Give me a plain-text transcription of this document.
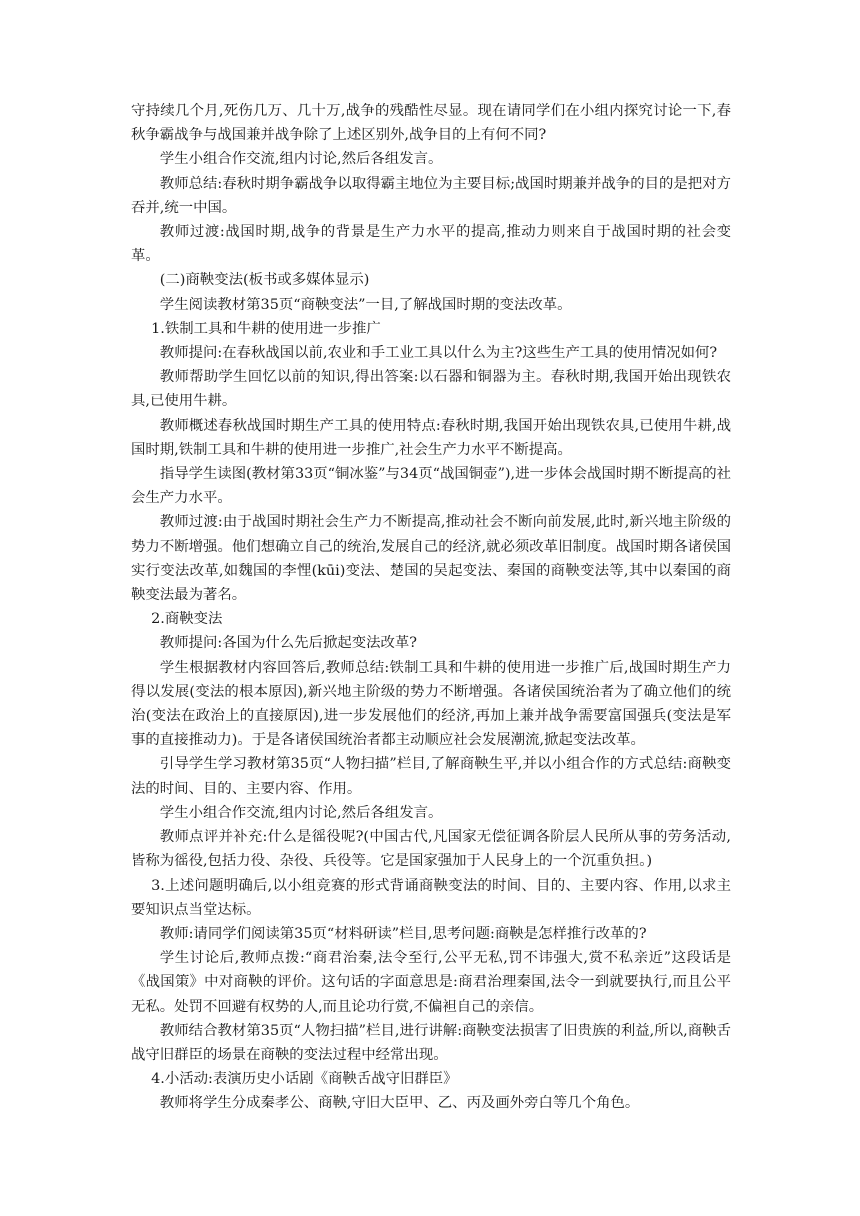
守持续几个月,死伤几万、几十万,战争的残酷性尽显。现在请同学们在小组内探究讨论一下,春秋争霸战争与战国兼并战争除了上述区别外,战争目的上有何不同?

学生小组合作交流,组内讨论,然后各组发言。

教师总结:春秋时期争霸战争以取得霸主地位为主要目标;战国时期兼并战争的目的是把对方吞并,统一中国。

教师过渡:战国时期,战争的背景是生产力水平的提高,推动力则来自于战国时期的社会变革。

(二)商鞅变法(板书或多媒体显示)

学生阅读教材第35页“商鞅变法”一目,了解战国时期的变法改革。

1.铁制工具和牛耕的使用进一步推广

教师提问:在春秋战国以前,农业和手工业工具以什么为主?这些生产工具的使用情况如何?

教师帮助学生回忆以前的知识,得出答案:以石器和铜器为主。春秋时期,我国开始出现铁农具,已使用牛耕。

教师概述春秋战国时期生产工具的使用特点:春秋时期,我国开始出现铁农具,已使用牛耕,战国时期,铁制工具和牛耕的使用进一步推广,社会生产力水平不断提高。

指导学生读图(教材第33页“铜冰鉴”与34页“战国铜壶”),进一步体会战国时期不断提高的社会生产力水平。

教师过渡:由于战国时期社会生产力不断提高,推动社会不断向前发展,此时,新兴地主阶级的势力不断增强。他们想确立自己的统治,发展自己的经济,就必须改革旧制度。战国时期各诸侯国实行变法改革,如魏国的李悝(kūi)变法、楚国的吴起变法、秦国的商鞅变法等,其中以秦国的商鞅变法最为著名。

2.商鞅变法

教师提问:各国为什么先后掀起变法改革?

学生根据教材内容回答后,教师总结:铁制工具和牛耕的使用进一步推广后,战国时期生产力得以发展(变法的根本原因),新兴地主阶级的势力不断增强。各诸侯国统治者为了确立他们的统治(变法在政治上的直接原因),进一步发展他们的经济,再加上兼并战争需要富国强兵(变法是军事的直接推动力)。于是各诸侯国统治者都主动顺应社会发展潮流,掀起变法改革。

引导学生学习教材第35页“人物扫描”栏目,了解商鞅生平,并以小组合作的方式总结:商鞅变法的时间、目的、主要内容、作用。

学生小组合作交流,组内讨论,然后各组发言。

教师点评并补充:什么是徭役呢?(中国古代,凡国家无偿征调各阶层人民所从事的劳务活动,皆称为徭役,包括力役、杂役、兵役等。它是国家强加于人民身上的一个沉重负担。)

3.上述问题明确后,以小组竞赛的形式背诵商鞅变法的时间、目的、主要内容、作用,以求主要知识点当堂达标。

教师:请同学们阅读第35页“材料研读”栏目,思考问题:商鞅是怎样推行改革的?

学生讨论后,教师点拨:“商君治秦,法令至行,公平无私,罚不讳强大,赏不私亲近”这段话是《战国策》中对商鞅的评价。这句话的字面意思是:商君治理秦国,法令一到就要执行,而且公平无私。处罚不回避有权势的人,而且论功行赏,不偏袒自己的亲信。

教师结合教材第35页“人物扫描”栏目,进行讲解:商鞅变法损害了旧贵族的利益,所以,商鞅舌战守旧群臣的场景在商鞅的变法过程中经常出现。

4.小活动:表演历史小话剧《商鞅舌战守旧群臣》

教师将学生分成秦孝公、商鞅,守旧大臣甲、乙、丙及画外旁白等几个角色。
